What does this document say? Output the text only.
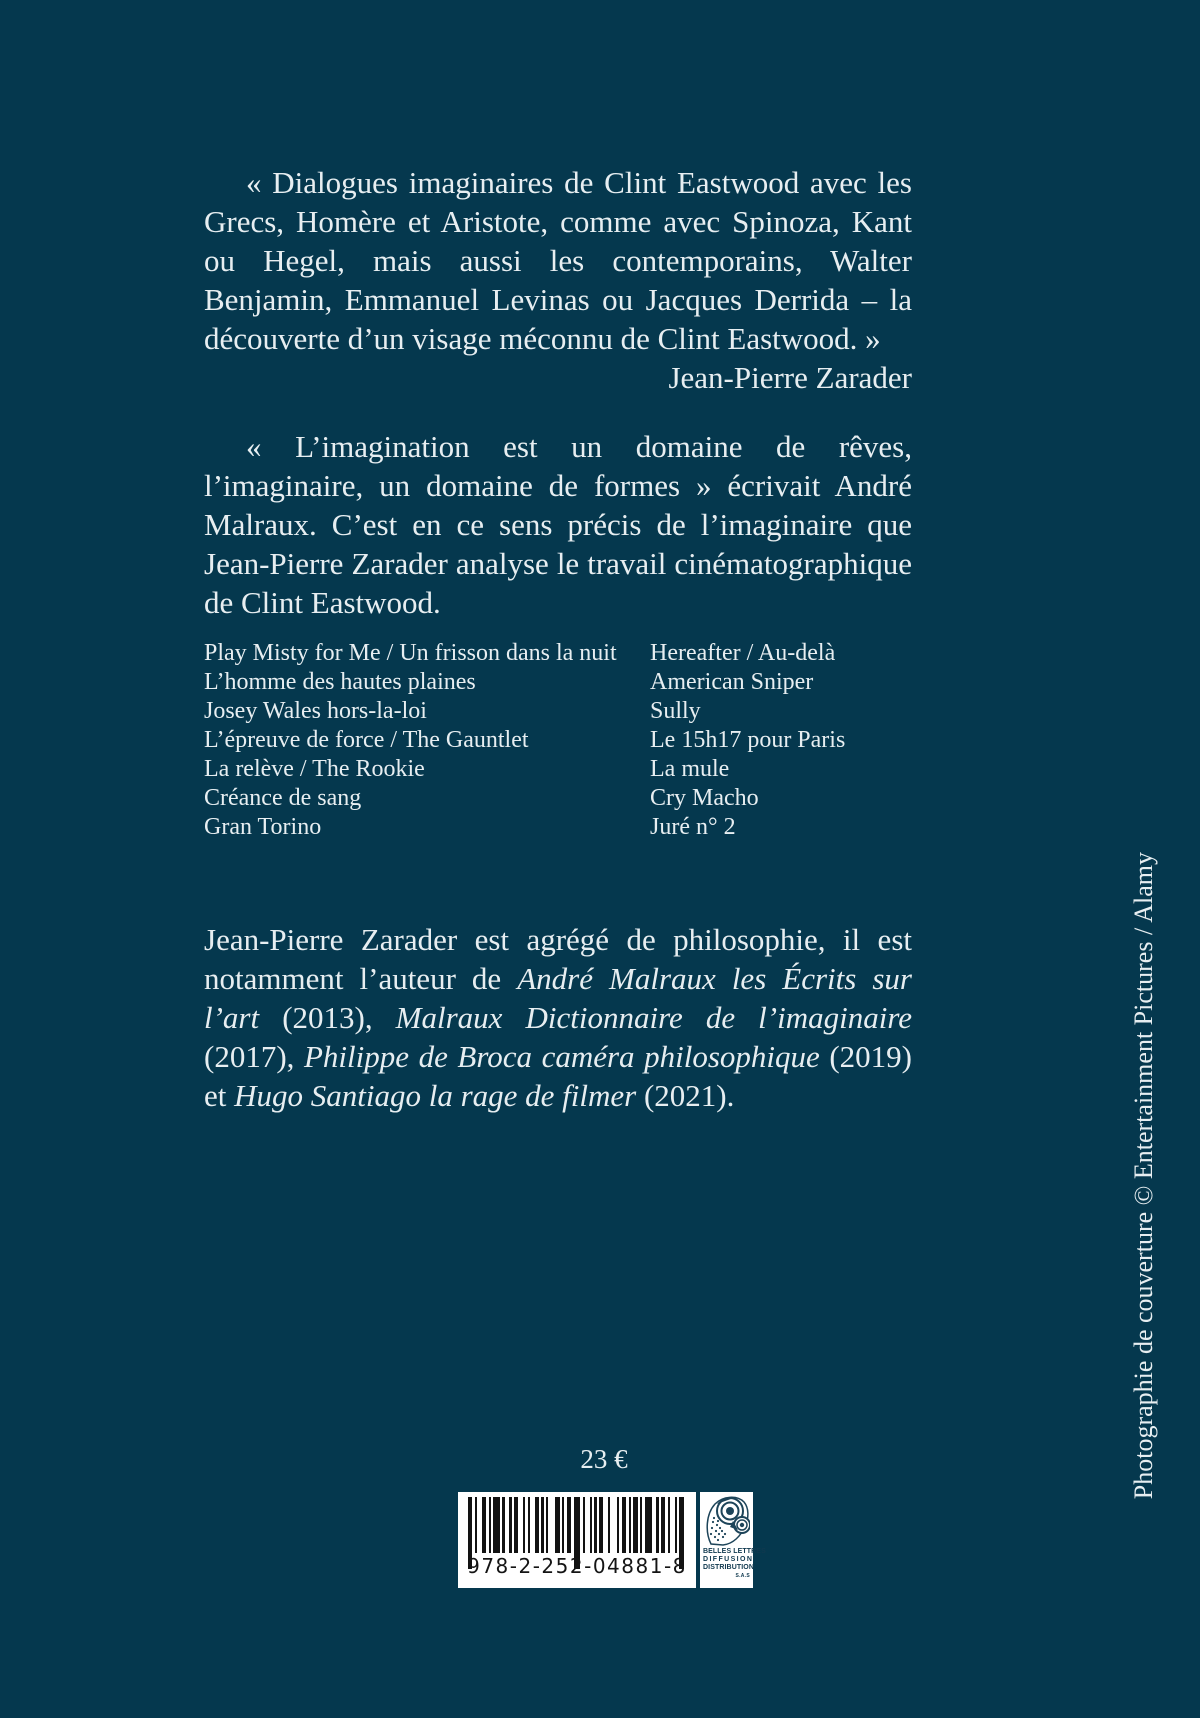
« Dialogues imaginaires de Clint Eastwood avec les Grecs, Homère et Aristote, comme avec Spinoza, Kant ou Hegel, mais aussi les contemporains, Walter Benjamin, Emmanuel Levinas ou Jacques Derrida – la découverte d’un visage méconnu de Clint Eastwood. »

Jean-Pierre Zarader

« L’imagination est un domaine de rêves, l’imaginaire, un domaine de formes » écrivait André Malraux. C’est en ce sens précis de l’imaginaire que Jean-Pierre Zarader analyse le travail cinématographique de Clint Eastwood.

Play Misty for Me / Un frisson dans la nuit
L’homme des hautes plaines
Josey Wales hors-la-loi
L’épreuve de force / The Gauntlet
La relève / The Rookie
Créance de sang
Gran Torino
Hereafter / Au-delà
American Sniper
Sully
Le 15h17 pour Paris
La mule
Cry Macho
Juré n° 2

Jean-Pierre Zarader est agrégé de philosophie, il est notamment l’auteur de André Malraux les Écrits sur l’art (2013), Malraux Dictionnaire de l’imaginaire (2017), Philippe de Broca caméra philosophique (2019) et Hugo Santiago la rage de filmer (2021).

23 €
978-2-252-04881-8
BELLES LETTRES
DIFFUSION
DISTRIBUTION
S.A.S
Photographie de couverture © Entertainment Pictures / Alamy
